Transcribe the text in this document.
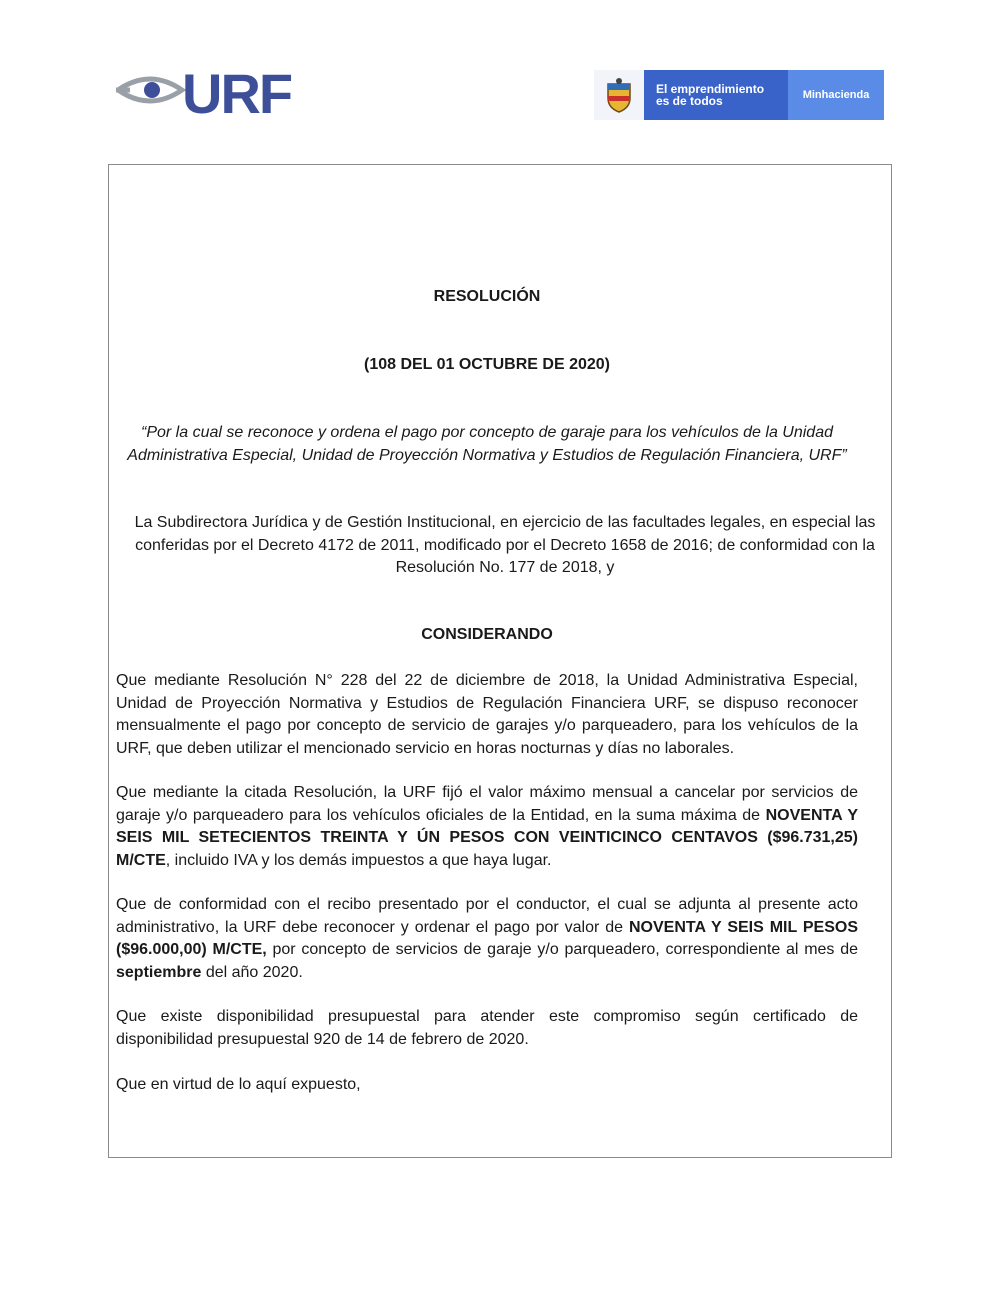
URF	El emprendimiento
es de todos	Minhacienda

RESOLUCIÓN

(108 DEL 01 OCTUBRE DE 2020)

“Por la cual se reconoce y ordena el pago por concepto de garaje para los vehículos de la Unidad Administrativa Especial, Unidad de Proyección Normativa y Estudios de Regulación Financiera, URF”

La Subdirectora Jurídica y de Gestión Institucional, en ejercicio de las facultades legales, en especial las conferidas por el Decreto 4172 de 2011, modificado por el Decreto 1658 de 2016; de conformidad con la Resolución No. 177 de 2018, y

CONSIDERANDO

Que mediante Resolución N° 228 del 22 de diciembre de 2018, la Unidad Administrativa Especial, Unidad de Proyección Normativa y Estudios de Regulación Financiera URF, se dispuso reconocer mensualmente el pago por concepto de servicio de garajes y/o parqueadero, para los vehículos de la URF, que deben utilizar el mencionado servicio en horas nocturnas y días no laborales.

Que mediante la citada Resolución, la URF fijó el valor máximo mensual a cancelar por servicios de garaje y/o parqueadero para los vehículos oficiales de la Entidad, en la suma máxima de NOVENTA Y SEIS MIL SETECIENTOS TREINTA Y ÚN PESOS CON VEINTICINCO CENTAVOS ($96.731,25) M/CTE, incluido IVA y los demás impuestos a que haya lugar.

Que de conformidad con el recibo presentado por el conductor, el cual se adjunta al presente acto administrativo, la URF debe reconocer y ordenar el pago por valor de NOVENTA Y SEIS MIL PESOS ($96.000,00) M/CTE, por concepto de servicios de garaje y/o parqueadero, correspondiente al mes de septiembre del año 2020.

Que existe disponibilidad presupuestal para atender este compromiso según certificado de disponibilidad presupuestal 920 de 14 de febrero de 2020.

Que en virtud de lo aquí expuesto,
